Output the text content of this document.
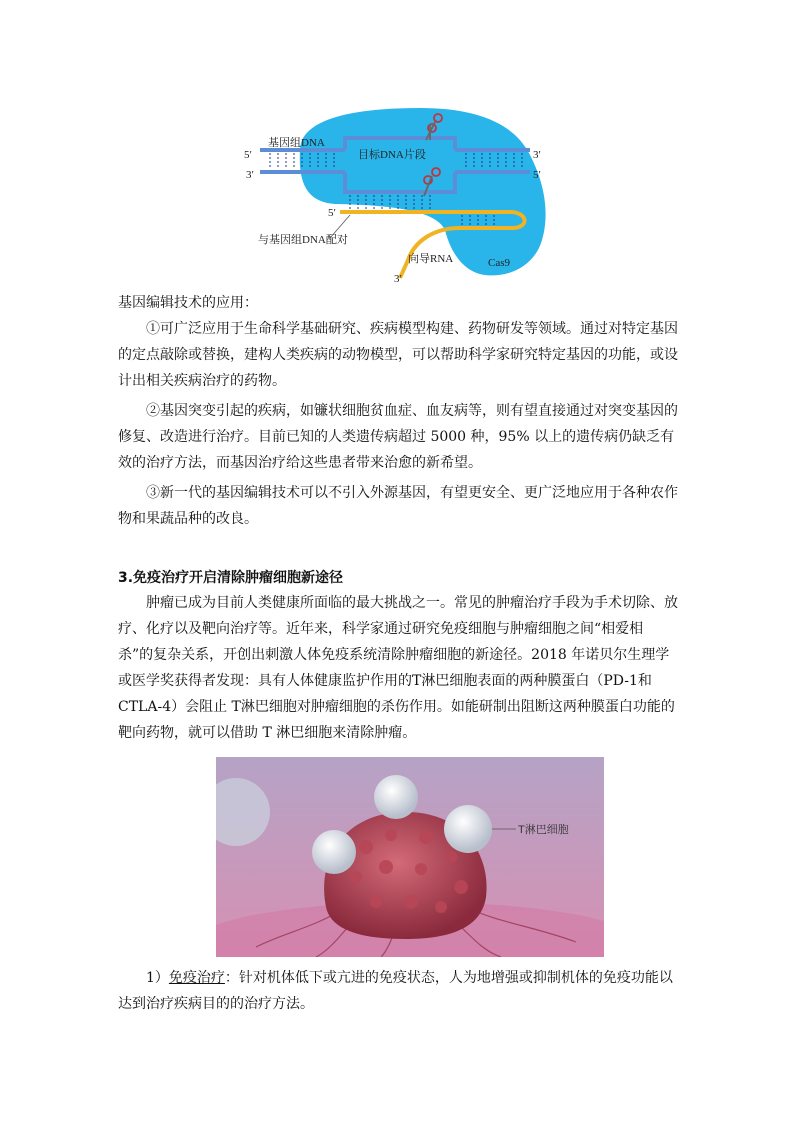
基因组DNA
目标DNA片段
5′
3′
3′
5′
5′
与基因组DNA配对
向导RNA	Cas9
3′

基因编辑技术的应用：

①可广泛应用于生命科学基础研究、疾病模型构建、药物研发等领域。通过对特定基因的定点敲除或替换，建构人类疾病的动物模型，可以帮助科学家研究特定基因的功能，或设计出相关疾病治疗的药物。

②基因突变引起的疾病，如镰状细胞贫血症、血友病等，则有望直接通过对突变基因的修复、改造进行治疗。目前已知的人类遗传病超过 5000 种，95% 以上的遗传病仍缺乏有效的治疗方法，而基因治疗给这些患者带来治愈的新希望。

③新一代的基因编辑技术可以不引入外源基因，有望更安全、更广泛地应用于各种农作物和果蔬品种的改良。

3.免疫治疗开启清除肿瘤细胞新途径

肿瘤已成为目前人类健康所面临的最大挑战之一。常见的肿瘤治疗手段为手术切除、放疗、化疗以及靶向治疗等。近年来，科学家通过研究免疫细胞与肿瘤细胞之间“相爱相杀”的复杂关系，开创出刺激人体免疫系统清除肿瘤细胞的新途径。2018 年诺贝尔生理学或医学奖获得者发现：具有人体健康监护作用的T淋巴细胞表面的两种膜蛋白（PD-1和 CTLA-4）会阻止 T淋巴细胞对肿瘤细胞的杀伤作用。如能研制出阻断这两种膜蛋白功能的靶向药物，就可以借助 T 淋巴细胞来清除肿瘤。

T淋巴细胞

1）免疫治疗：针对机体低下或亢进的免疫状态，人为地增强或抑制机体的免疫功能以达到治疗疾病目的的治疗方法。
